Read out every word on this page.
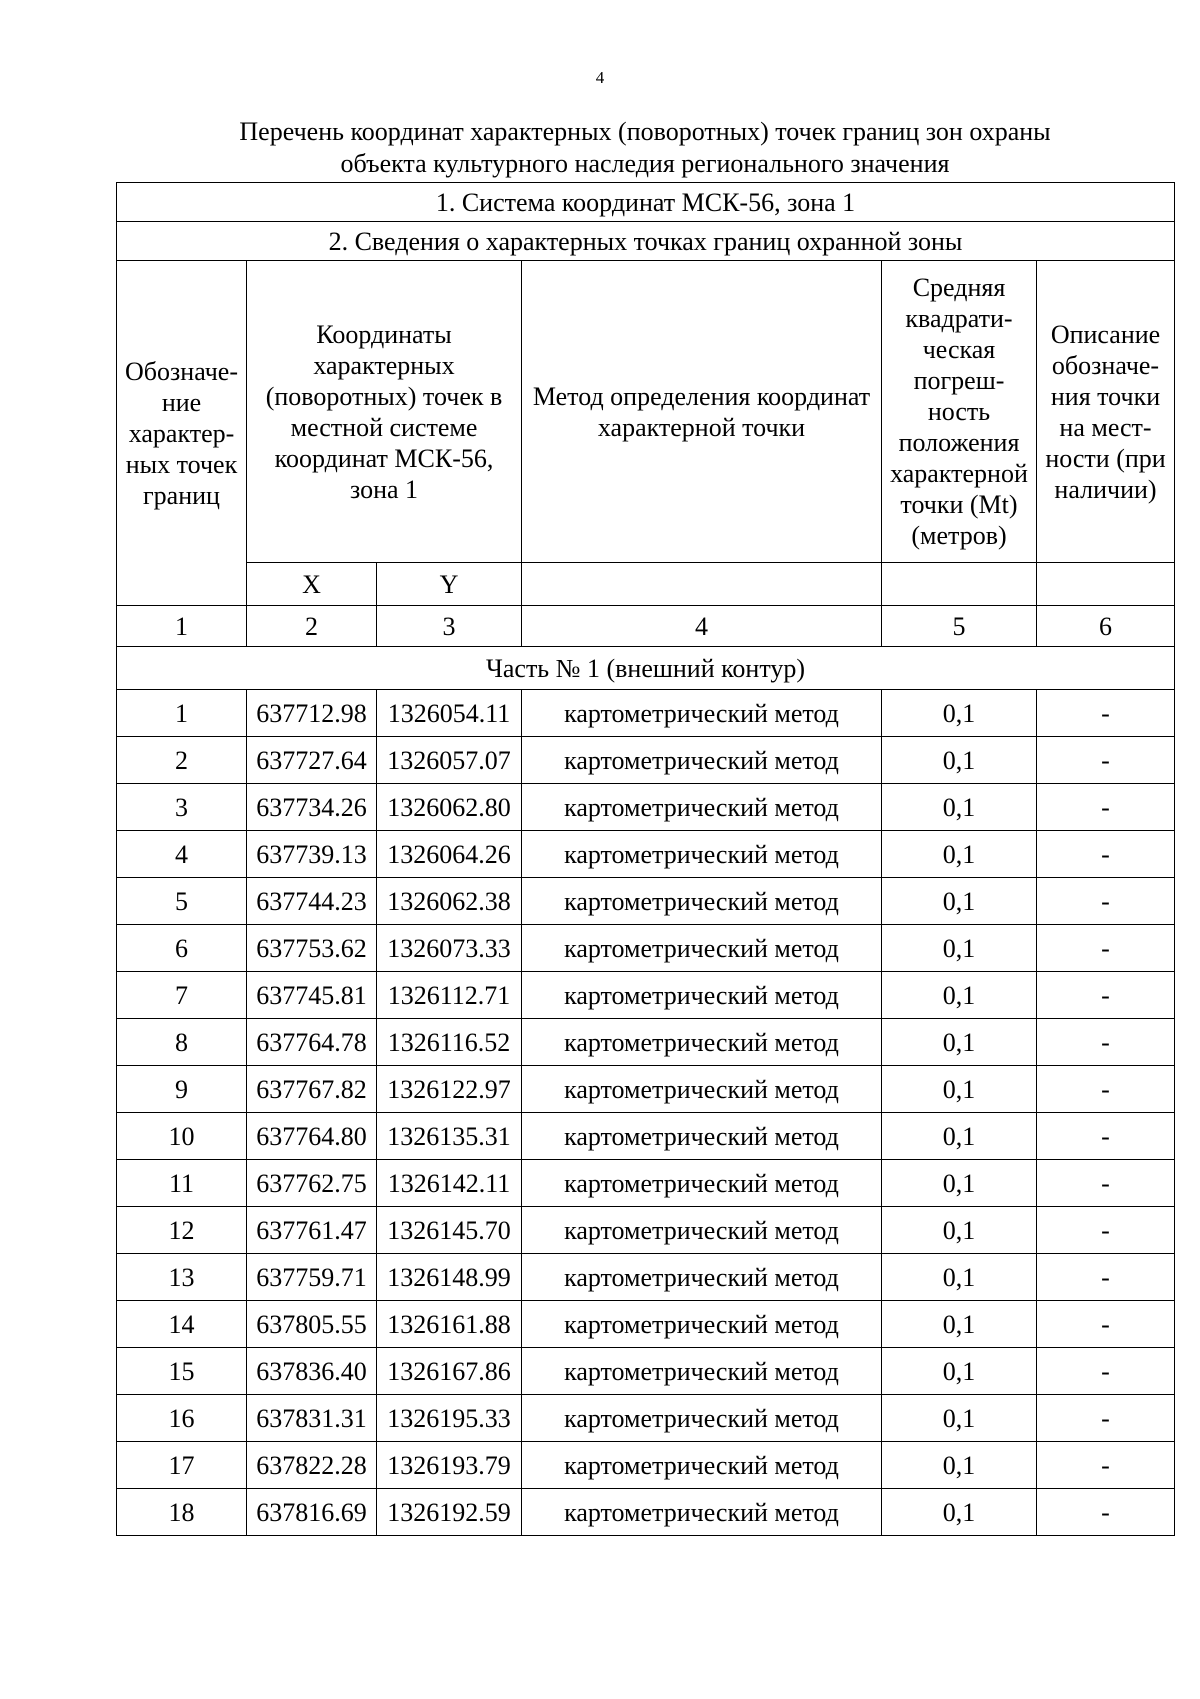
4
Перечень координат характерных (поворотных) точек границ зон охраны
объекта культурного наследия регионального значения
1. Система координат МСК-56, зона 1					
2. Сведения о характерных точках границ охранной зоны					
Обозначе-ние характер-ных точек границ	Координаты характерных (поворотных) точек в местной системе координат МСК-56, зона 1		Метод определения координат характерной точки	Средняя квадрати-ческая погреш-ность положения характерной точки (Mt) (метров)	Описание обозначе-ния точки на мест-ности (при наличии)
	X	Y			
1	2	3	4	5	6
Часть № 1 (внешний контур)					
1	637712.98	1326054.11	картометрический метод	0,1	-
2	637727.64	1326057.07	картометрический метод	0,1	-
3	637734.26	1326062.80	картометрический метод	0,1	-
4	637739.13	1326064.26	картометрический метод	0,1	-
5	637744.23	1326062.38	картометрический метод	0,1	-
6	637753.62	1326073.33	картометрический метод	0,1	-
7	637745.81	1326112.71	картометрический метод	0,1	-
8	637764.78	1326116.52	картометрический метод	0,1	-
9	637767.82	1326122.97	картометрический метод	0,1	-
10	637764.80	1326135.31	картометрический метод	0,1	-
11	637762.75	1326142.11	картометрический метод	0,1	-
12	637761.47	1326145.70	картометрический метод	0,1	-
13	637759.71	1326148.99	картометрический метод	0,1	-
14	637805.55	1326161.88	картометрический метод	0,1	-
15	637836.40	1326167.86	картометрический метод	0,1	-
16	637831.31	1326195.33	картометрический метод	0,1	-
17	637822.28	1326193.79	картометрический метод	0,1	-
18	637816.69	1326192.59	картометрический метод	0,1	-
